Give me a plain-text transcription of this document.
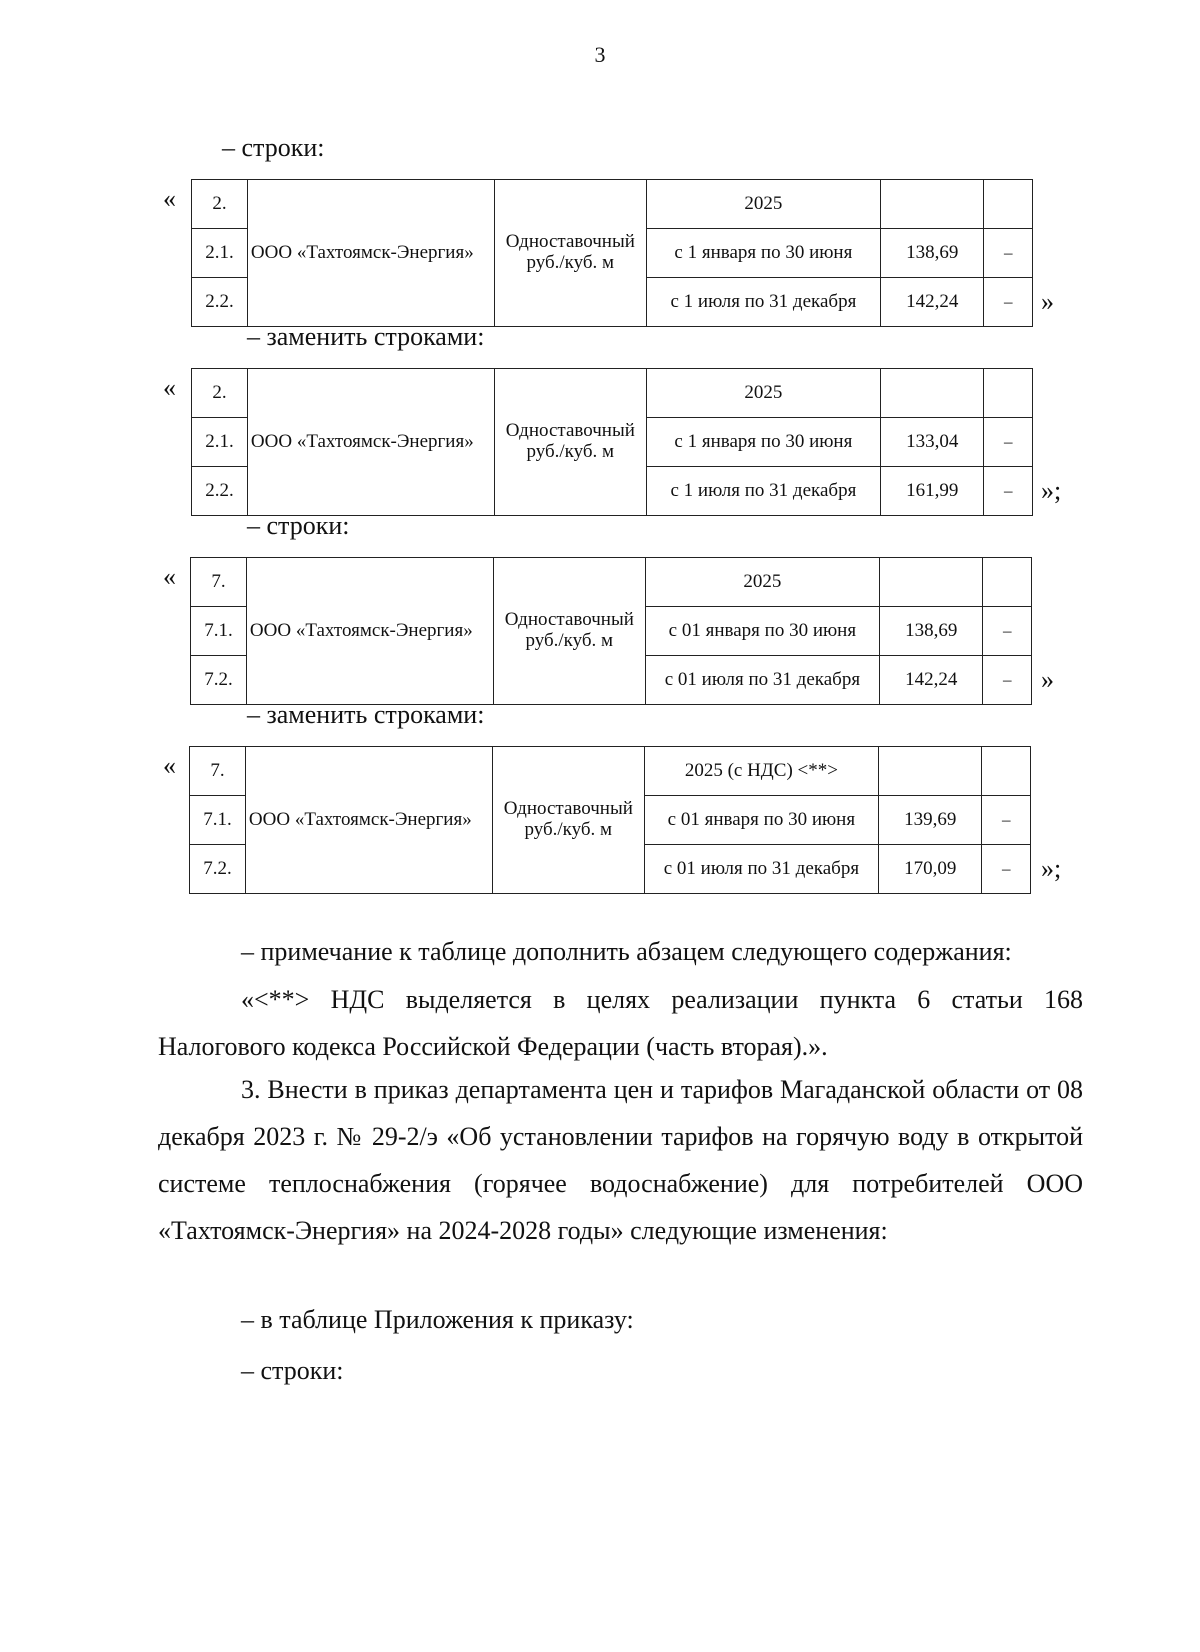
3
– строки:
« 2.	ООО «Тахтоямск-Энергия»	Одноставочный
руб./куб. м	2025		
2.1.			с 1 января по 30 июня	138,69	–
2.2.			с 1 июля по 31 декабря	142,24	– »
– заменить строками:
« 2.	ООО «Тахтоямск-Энергия»	Одноставочный
руб./куб. м	2025		
2.1.			с 1 января по 30 июня	133,04	–
2.2.			с 1 июля по 31 декабря	161,99	– »;
– строки:
« 7.	ООО «Тахтоямск-Энергия»	Одноставочный
руб./куб. м	2025		
7.1.			с 01 января по 30 июня	138,69	–
7.2.			с 01 июля по 31 декабря	142,24	– »
– заменить строками:
« 7.	ООО «Тахтоямск-Энергия»	Одноставочный
руб./куб. м	2025 (с НДС) <**>		
7.1.			с 01 января по 30 июня	139,69	–
7.2.			с 01 июля по 31 декабря	170,09	– »;
– примечание к таблице дополнить абзацем следующего содержания:
«<**> НДС выделяется в целях реализации пункта 6 статьи 168 Налогового кодекса Российской Федерации (часть вторая).».
3. Внести в приказ департамента цен и тарифов Магаданской области от 08 декабря 2023 г. № 29-2/э «Об установлении тарифов на горячую воду в открытой системе теплоснабжения (горячее водоснабжение) для потребителей ООО «Тахтоямск-Энергия» на 2024-2028 годы» следующие изменения:
– в таблице Приложения к приказу:
– строки:
